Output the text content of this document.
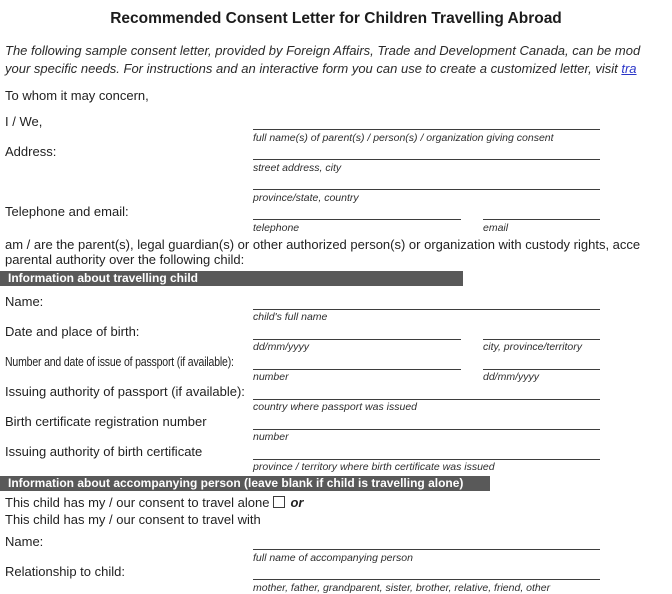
Recommended Consent Letter for Children Travelling Abroad
The following sample consent letter, provided by Foreign Affairs, Trade and Development Canada, can be mod
your specific needs. For instructions and an interactive form you can use to create a customized letter, visit tra
To whom it may concern,
I / We,
full name(s) of parent(s) / person(s) / organization giving consent
Address:
street address, city
province/state, country
Telephone and email:
telephone	email
am / are the parent(s), legal guardian(s) or other authorized person(s) or organization with custody rights, acce
parental authority over the following child:
Information about travelling child
Name:
child's full name
Date and place of birth:
dd/mm/yyyy	city, province/territory
Number and date of issue of passport (if available):
number	dd/mm/yyyy
Issuing authority of passport (if available):
country where passport was issued
Birth certificate registration number
number
Issuing authority of birth certificate
province / territory where birth certificate was issued
Information about accompanying person (leave blank if child is travelling alone)
This child has my / our consent to travel alone or
This child has my / our consent to travel with
Name:
full name of accompanying person
Relationship to child:
mother, father, grandparent, sister, brother, relative, friend, other
